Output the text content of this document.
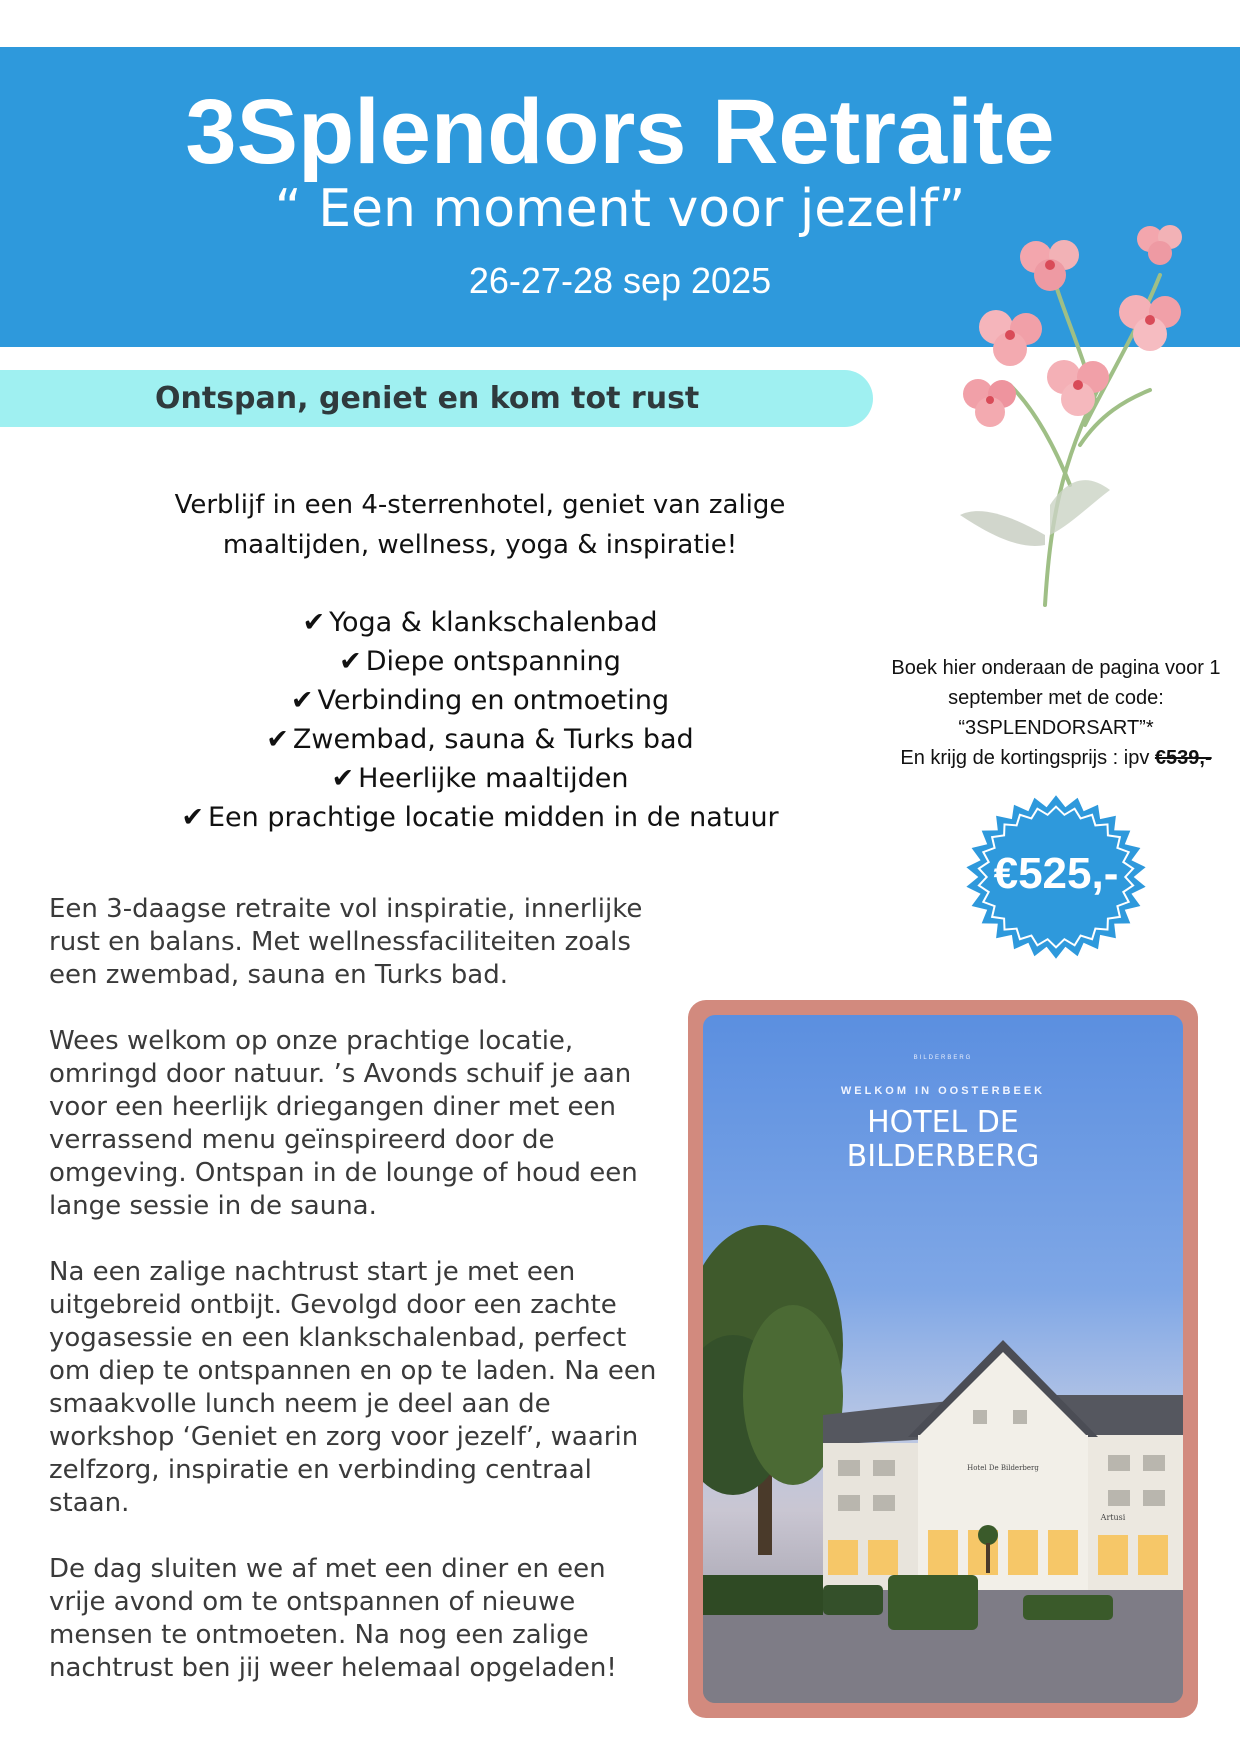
3Splendors Retraite
“ Een moment voor jezelf”
26-27-28 sep 2025
Ontspan, geniet en kom tot rust
Verblijf in een 4-sterrenhotel, geniet van zalige
maaltijden, wellness, yoga & inspiratie!
✔ Yoga & klankschalenbad
✔ Diepe ontspanning
✔ Verbinding en ontmoeting
✔ Zwembad, sauna & Turks bad
✔ Heerlijke maaltijden
✔ Een prachtige locatie midden in de natuur
Boek hier onderaan de pagina voor 1
september met de code:
“3SPLENDORSART”*
En krijg de kortingsprijs : ipv €539,-
€525,-

Een 3-daagse retraite vol inspiratie, innerlijke rust en balans. Met wellnessfaciliteiten zoals een zwembad, sauna en Turks bad.

Wees welkom op onze prachtige locatie, omringd door natuur. ’s Avonds schuif je aan voor een heerlijk driegangen diner met een verrassend menu geïnspireerd door de omgeving. Ontspan in de lounge of houd een lange sessie in de sauna.

Na een zalige nachtrust start je met een uitgebreid ontbijt. Gevolgd door een zachte yogasessie en een klankschalenbad, perfect om diep te ontspannen en op te laden. Na een smaakvolle lunch neem je deel aan de workshop ‘Geniet en zorg voor jezelf’, waarin zelfzorg, inspiratie en verbinding centraal staan.

De dag sluiten we af met een diner en een vrije avond om te ontspannen of nieuwe mensen te ontmoeten. Na nog een zalige nachtrust ben jij weer helemaal opgeladen!

Hotel De Bilderberg
Artusi
BILDERBERG
WELKOM IN OOSTERBEEK
HOTEL DE
BILDERBERG
